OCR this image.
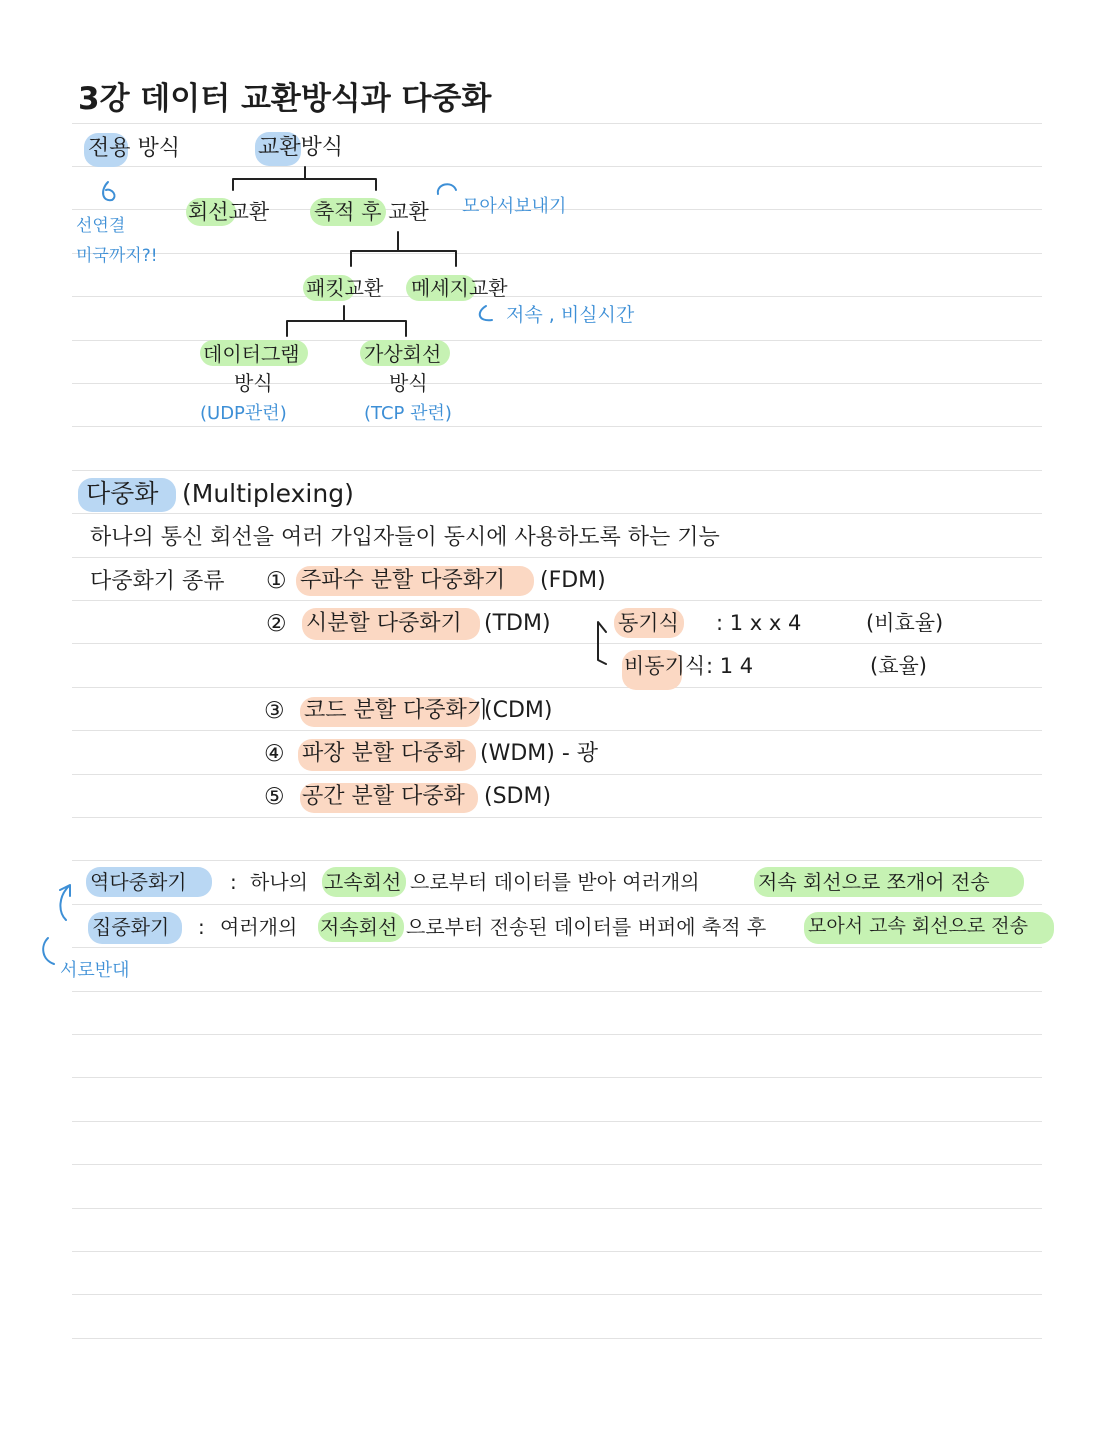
3강 데이터 교환방식과 다중화
전용 방식
선연결
미국까지?!
교환방식
회선교환 축적 후 교환 모아서보내기
패킷교환 메세지교환
저속 , 비실시간
데이터그램
방식
(UDP관련)
가상회선
방식
(TCP 관련)
다중화 (Multiplexing)
하나의 통신 회선을 여러 가입자들이 동시에 사용하도록 하는 기능
다중화기 종류 ① 주파수 분할 다중화기 (FDM)
② 시분할 다중화기 (TDM)	동기식 : 1 x x 4	(비효율)
비동기식 : 1 4	(효율)
③ 코드 분할 다중화기
(CDM)
④ 파장 분할 다중화 (WDM) - 광
⑤ 공간 분할 다중화 (SDM)
역다중화기 : 하나의 고속회선 으로부터 데이터를 받아 여러개의	저속 회선으로 쪼개어 전송
집중화기 : 여러개의 저속회선 으로부터 전송된 데이터를 버퍼에 축적 후 모아서 고속 회선으로 전송
서로반대
